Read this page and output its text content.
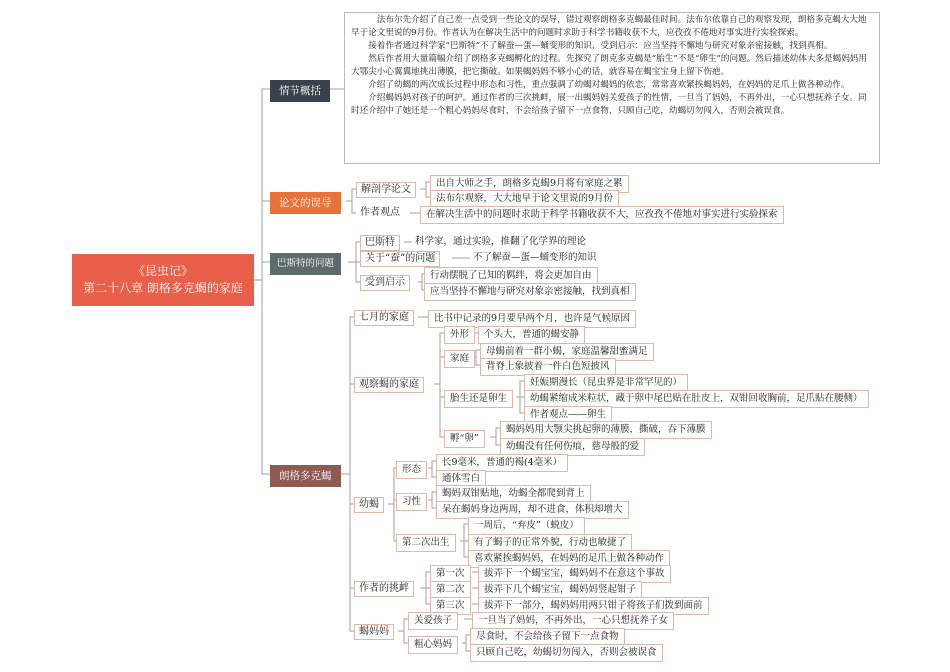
《昆虫记》
第二十八章 朗格多克蝎的家庭
情节概括
论文的误导
巴斯特的问题
朗格多克蝎

法布尔先介绍了自己差一点受到一些论文的误导，错过观察朗格多克蝎最佳时间。法布尔依靠自己的观察发现，朗格多克蝎大大地早于论文里说的9月份。作者认为在解决生活中的问题时求助于科学书籍收获不大，应孜孜不倦地对事实进行实验探索。

接着作者通过科学家“巴斯特”不了解蚕—蛋—蛹变形的知识，受到启示：应当坚持不懈地与研究对象亲密接触，找到真相。

然后作者用大量篇幅介绍了朗格多克蝎孵化的过程。先探究了朗克多克蝎是“胎生”不是“卵生”的问题。然后描述幼体大多是蝎妈妈用大鄂尖小心翼翼地挑出薄膜，把它撕破。如果蝎妈妈不够小心的话，就容易在蝎宝宝身上留下伤疤。

介绍了幼蝎的两次成长过程中形态和习性，重点强调了幼蝎对蝎妈的依恋，常常喜欢紧挨蝎妈妈，在妈妈的足爪上做各种动作。

介绍蝎妈妈对孩子的呵护。通过作者的三次挑衅，展一出蝎妈妈关爱孩子的性情，一旦当了妈妈，不再外出，一心只想抚养子女。同时还介绍中了她还是一个粗心妈妈尽食时，不会给孩子留下一点食物，只顾自己吃，幼蝎切勿闯入，否则会被误食。

解剖学论文
出自大师之手，朗格多克蝎9月将有家庭之累
法布尔观察，大大地早于论文里说的9月份
作者观点	在解决生活中的问题时求助于科学书籍收获不大，应孜孜不倦地对事实进行实验探索
巴斯特	科学家，通过实验，推翻了化学界的理论
关于“蚕”的问题	不了解蚕—蛋—蛹变形的知识
受到启示
行动摆脱了已知的羁绊，将会更加自由
应当坚持不懈地与研究对象亲密接触，找到真相
七月的家庭	比书中记录的9月要早两个月，也许是气候原因
观察蝎的家庭
外形	个头大，普通的蝎安静
家庭
母蝎前着一群小蝎，家庭温馨甜蜜满足
背脊上象披着一件白色短披风
胎生还是卵生
妊娠期漫长（昆虫界是非常罕见的）
幼蝎紧缩成米粒状，藏于卵中尾巴贴在肚皮上，双钳回收胸前，足爪贴在腰侧）
作者观点——卵生
孵“卵”
蝎妈妈用大颚尖挑起卵的薄膜，撕破，吞下薄膜
幼蝎没有任何伤痕，慈母般的爱
幼蝎
形态
长9毫米，普通的褐(4毫米）
通体雪白
习性
蝎妈双钳贴地，幼蝎全都爬到背上
呆在蝎妈身边两周，却不进食，体积却增大
第二次出生
一周后，“弃皮”（蜕皮）
有了蝎子的正常外貌，行动也敏捷了
喜欢紧挨蝎妈妈，在妈妈的足爪上做各种动作
作者的挑衅
第一次	拔弄下一个蝎宝宝，蝎妈妈不在意这个事故
第二次	拔弄下几个蝎宝宝，蝎妈妈竖起钳子
第三次	拔弄下一部分，蝎妈妈用两只钳子将孩子们拨到面前
蝎妈妈
关爱孩子	一旦当了妈妈，不再外出，一心只想抚养子女
粗心妈妈
尽食时，不会给孩子留下一点食物
只顾自己吃，幼蝎切勿闯入，否则会被误食
